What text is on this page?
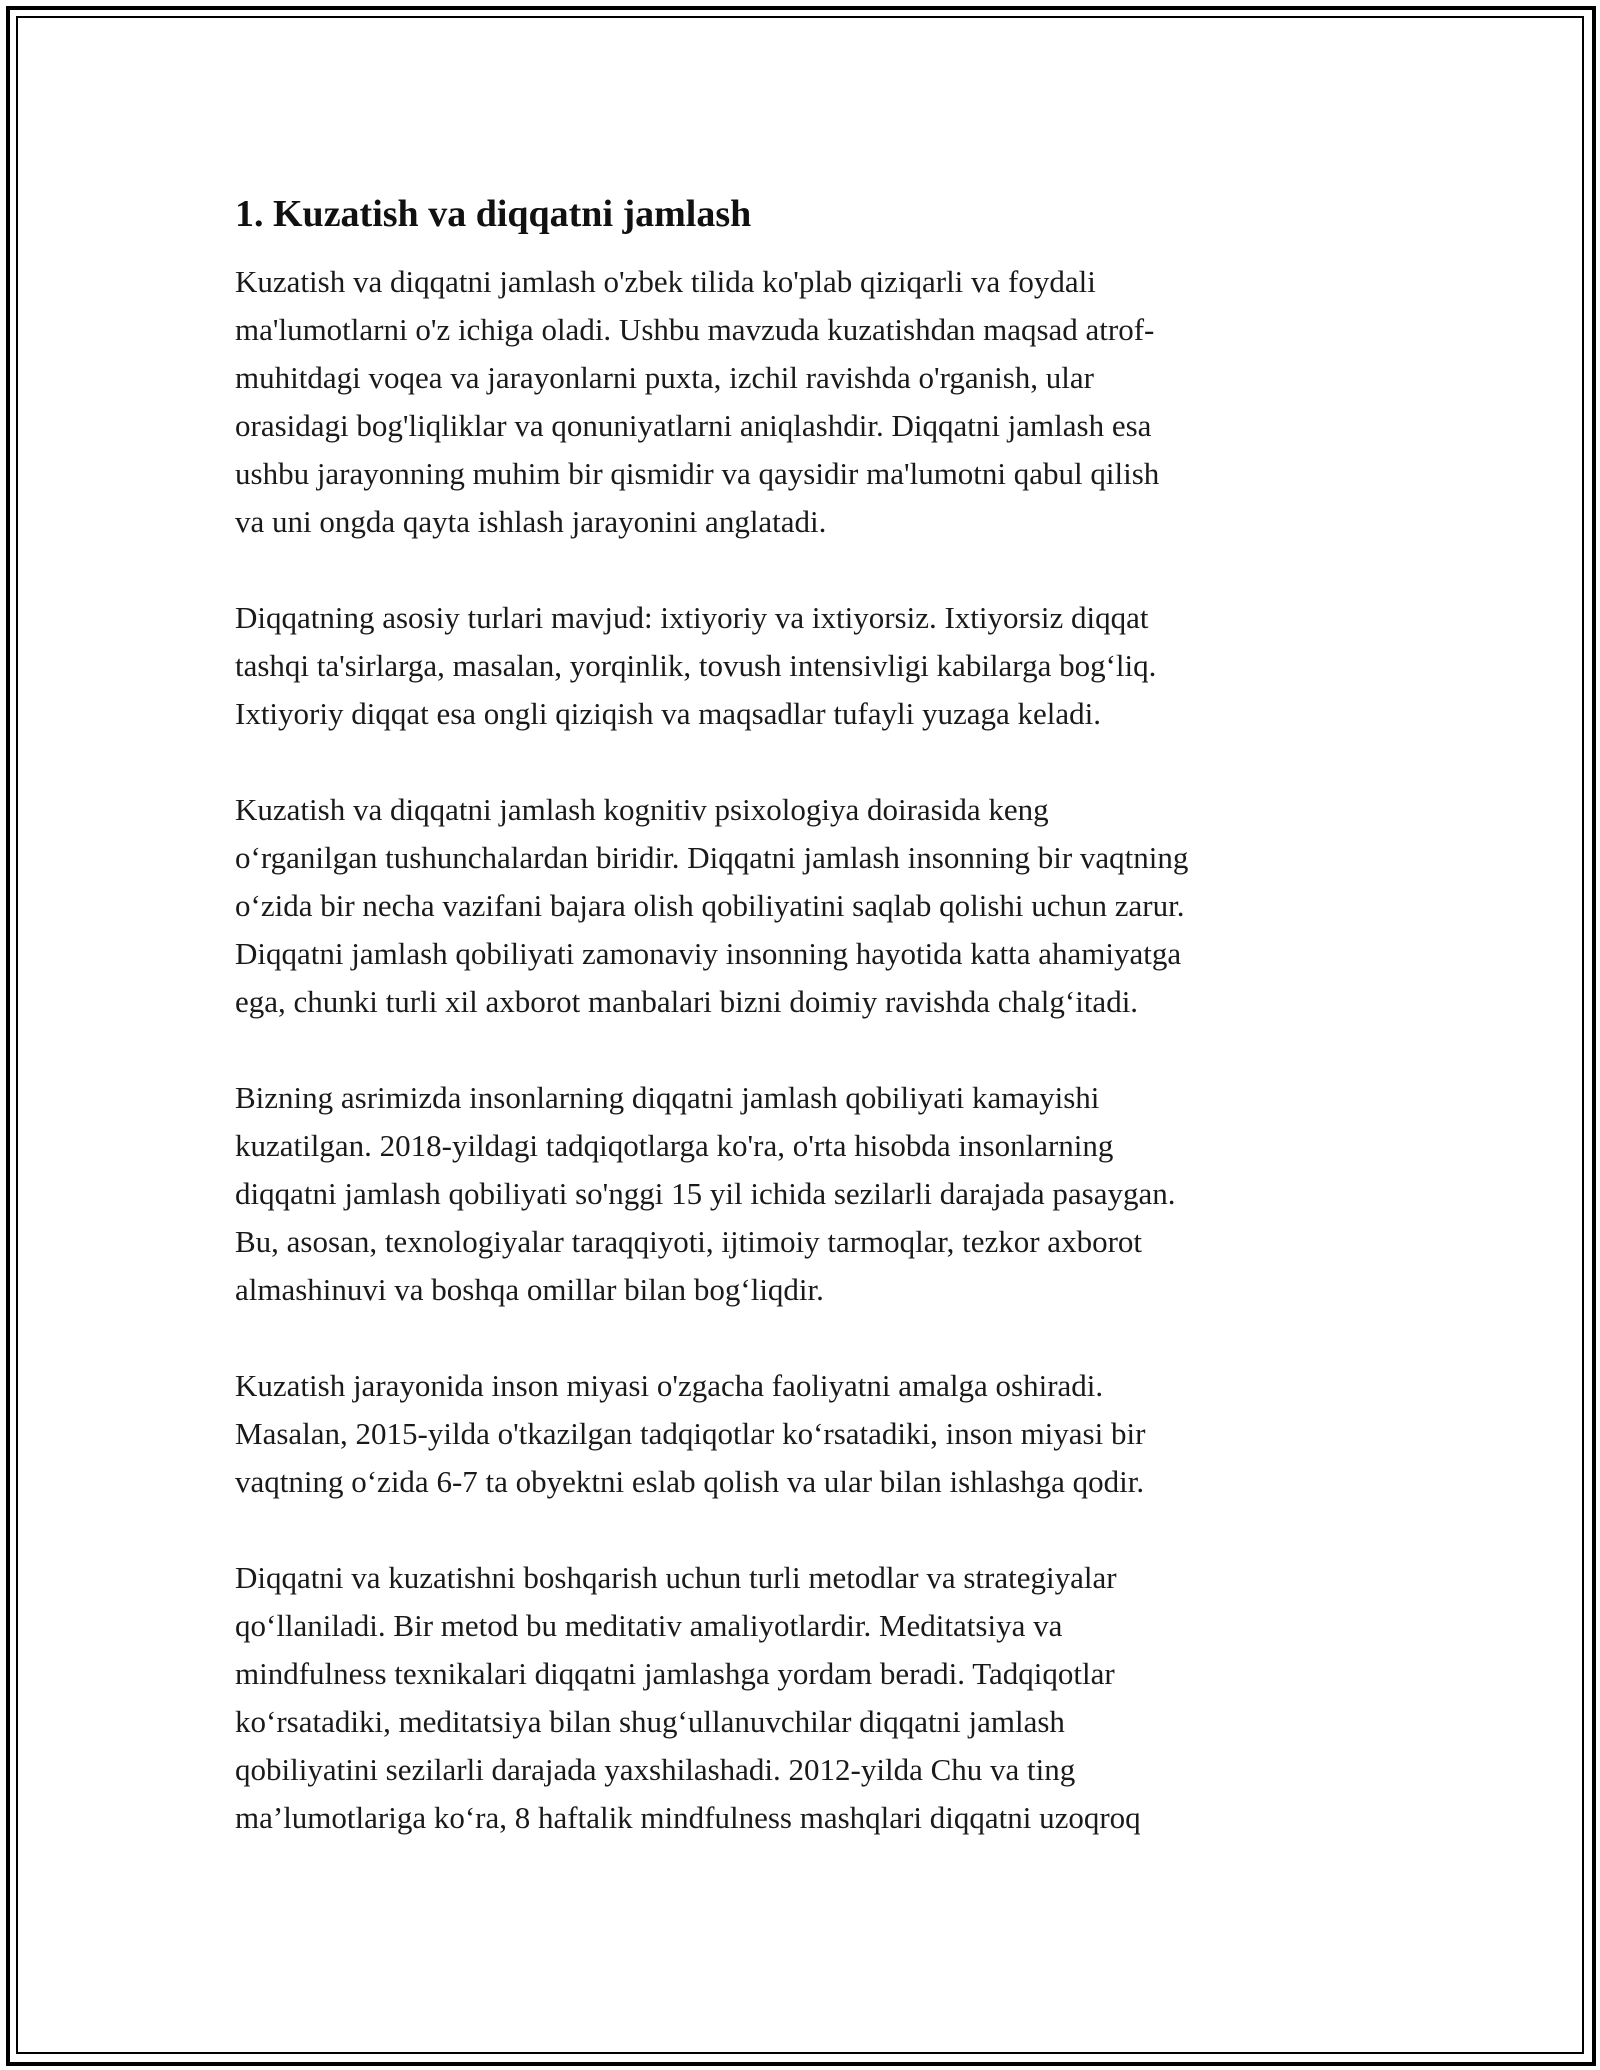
1. Kuzatish va diqqatni jamlash
Kuzatish va diqqatni jamlash o'zbek tilida ko'plab qiziqarli va foydali
ma'lumotlarni o'z ichiga oladi. Ushbu mavzuda kuzatishdan maqsad atrof-
muhitdagi voqea va jarayonlarni puxta, izchil ravishda o'rganish, ular
orasidagi bog'liqliklar va qonuniyatlarni aniqlashdir. Diqqatni jamlash esa
ushbu jarayonning muhim bir qismidir va qaysidir ma'lumotni qabul qilish
va uni ongda qayta ishlash jarayonini anglatadi.
Diqqatning asosiy turlari mavjud: ixtiyoriy va ixtiyorsiz. Ixtiyorsiz diqqat
tashqi ta'sirlarga, masalan, yorqinlik, tovush intensivligi kabilarga bog‘liq.
Ixtiyoriy diqqat esa ongli qiziqish va maqsadlar tufayli yuzaga keladi.
Kuzatish va diqqatni jamlash kognitiv psixologiya doirasida keng
o‘rganilgan tushunchalardan biridir. Diqqatni jamlash insonning bir vaqtning
o‘zida bir necha vazifani bajara olish qobiliyatini saqlab qolishi uchun zarur.
Diqqatni jamlash qobiliyati zamonaviy insonning hayotida katta ahamiyatga
ega, chunki turli xil axborot manbalari bizni doimiy ravishda chalg‘itadi.
Bizning asrimizda insonlarning diqqatni jamlash qobiliyati kamayishi
kuzatilgan. 2018-yildagi tadqiqotlarga ko'ra, o'rta hisobda insonlarning
diqqatni jamlash qobiliyati so'nggi 15 yil ichida sezilarli darajada pasaygan.
Bu, asosan, texnologiyalar taraqqiyoti, ijtimoiy tarmoqlar, tezkor axborot
almashinuvi va boshqa omillar bilan bog‘liqdir.
Kuzatish jarayonida inson miyasi o'zgacha faoliyatni amalga oshiradi.
Masalan, 2015-yilda o'tkazilgan tadqiqotlar ko‘rsatadiki, inson miyasi bir
vaqtning o‘zida 6-7 ta obyektni eslab qolish va ular bilan ishlashga qodir.
Diqqatni va kuzatishni boshqarish uchun turli metodlar va strategiyalar
qo‘llaniladi. Bir metod bu meditativ amaliyotlardir. Meditatsiya va
mindfulness texnikalari diqqatni jamlashga yordam beradi. Tadqiqotlar
ko‘rsatadiki, meditatsiya bilan shug‘ullanuvchilar diqqatni jamlash
qobiliyatini sezilarli darajada yaxshilashadi. 2012-yilda Chu va ting
ma’lumotlariga ko‘ra, 8 haftalik mindfulness mashqlari diqqatni uzoqroq
